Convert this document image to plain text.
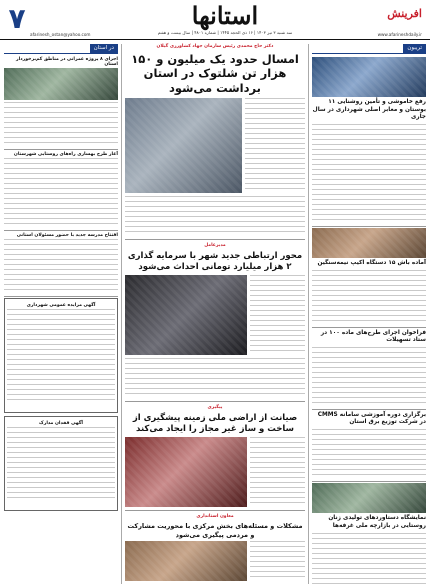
۷	afarinesh_ostan@yahoo.com
استانها	افرینش
www.afarineshdaily.ir
سه شنبه ۳ تیر ۱۴۰۳ | ۱۶ ذی الحجه ۱۴۴۵ | شماره ۴۸۰۱ | سال بیست و هفتم
تریبون
رفع خاموشی و تأمین روشنایی ۱۱ بوستان و معابر اصلی شهرداری در سال جاری
آماده باش ۱۵ دستگاه اکیپ نیمه‌سنگین
فراخوان اجرای طرح‌های ماده ۱۰۰ در ستاد تسهیلات
برگزاری دوره آموزشی سامانه CMMS در شرکت توزیع برق استان
نمایشگاه دستاوردهای تولیدی زنان روستایی در بازارچه ملی غرفه‌ها
دکتر حاج محمدی رئیس سازمان جهاد کشاورزی گیلان
امسال حدود یک میلیون و ۱۵۰ هزار تن شلتوک در استان برداشت می‌شود
مدیرعامل
محور ارتباطی جدید شهر با سرمایه گذاری ۲ هزار میلیارد تومانی احداث می‌شود
پیگیری
صیانت از اراضی ملی زمینه پیشگیری از ساخت و ساز غیر مجاز را ایجاد می‌کند
معاون استانداری
مشکلات و مسئله‌های بخش مرکزی با محوریت مشارکت و مردمی پیگیری می‌شود
در استان
اجرای ۸ پروژه عمرانی در مناطق کم‌برخوردار استان
آغاز طرح بهسازی راه‌های روستایی شهرستان
افتتاح مدرسه جدید با حضور مسئولان استانی
آگهی مزایده عمومی شهرداری
آگهی فقدان مدارک
